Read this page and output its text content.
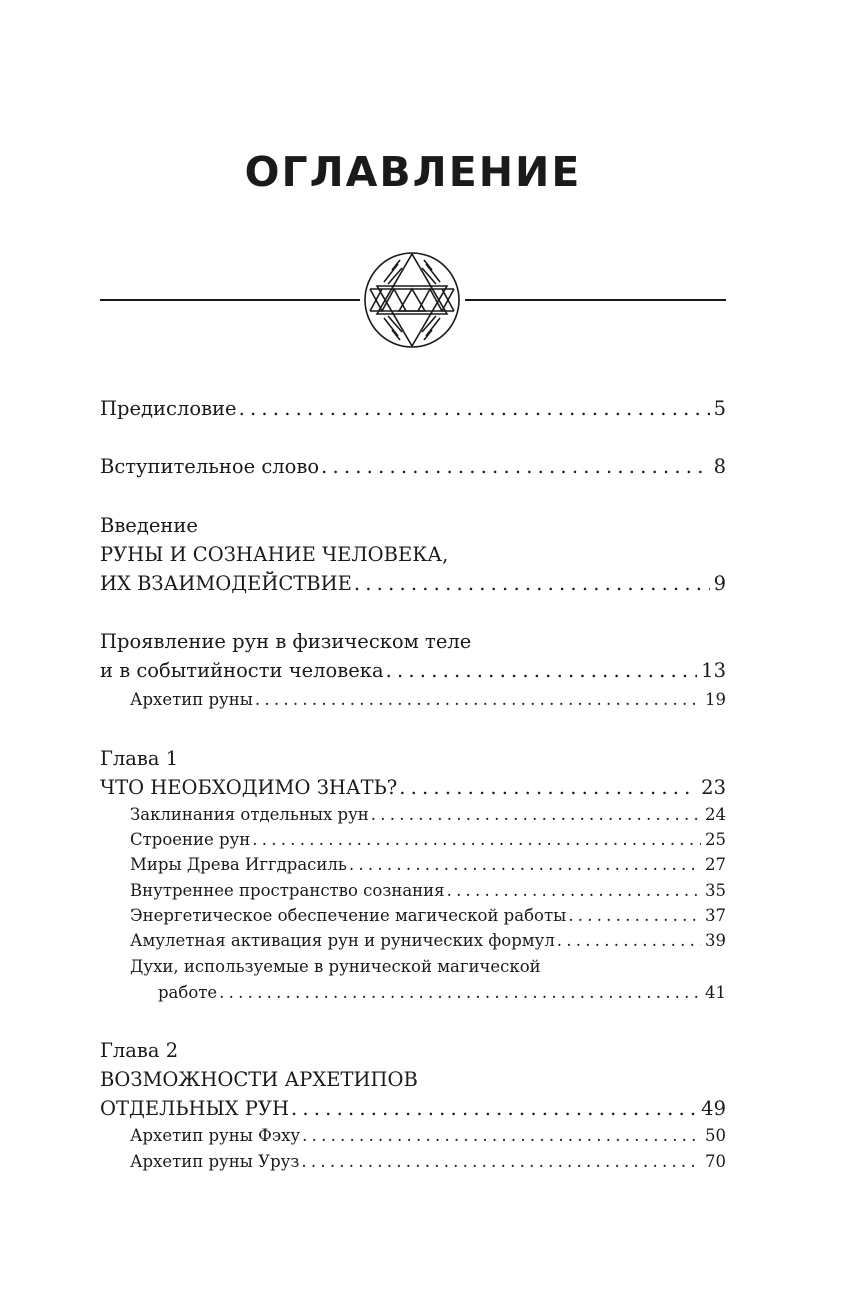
ОГЛАВЛЕНИЕ
Предисловие . . .	5
Вступительное слово . . .	8
Введение
РУНЫ И СОЗНАНИЕ ЧЕЛОВЕКА,
ИХ ВЗАИМОДЕЙСТВИЕ . . .	9
Проявление рун в физическом теле
и в событийности человека . . .	13
Архетип руны . . .	19
Глава 1
ЧТО НЕОБХОДИМО ЗНАТЬ? . . .	23
Заклинания отдельных рун . . .	24
Строение рун . . .	25
Миры Древа Иггдрасиль . . .	27
Внутреннее пространство сознания . . .	35
Энергетическое обеспечение магической работы . . .	37
Амулетная активация рун и рунических формул . . .	39
Духи, используемые в рунической магической
работе . . .	41
Глава 2
ВОЗМОЖНОСТИ АРХЕТИПОВ
ОТДЕЛЬНЫХ РУН . . .	49
Архетип руны Фэху . . .	50
Архетип руны Уруз . . .	70
